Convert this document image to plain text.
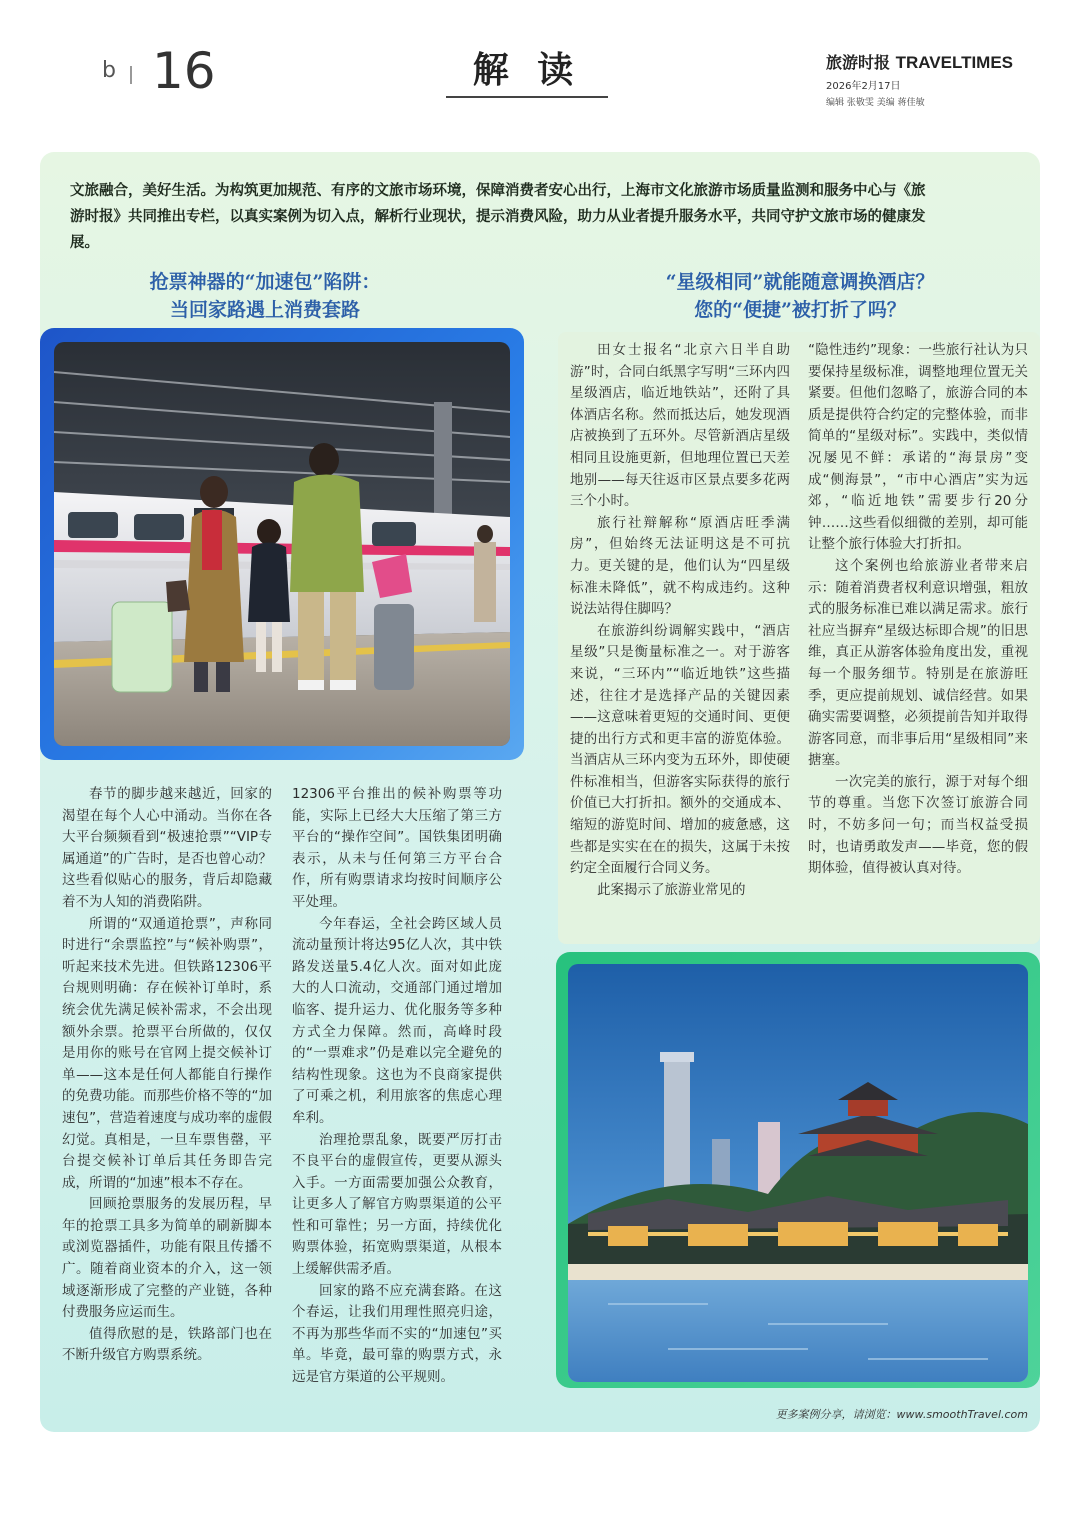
b 16	解 读	旅游时报 TRAVELTIMES
2026年2月17日
编辑 张敬雯 美编 蒋佳敏
文旅融合，美好生活。为构筑更加规范、有序的文旅市场环境，保障消费者安心出行，上海市文化旅游市场质量监测和服务中心与《旅游时报》共同推出专栏，以真实案例为切入点，解析行业现状，提示消费风险，助力从业者提升服务水平，共同守护文旅市场的健康发展。
抢票神器的“加速包”陷阱：
当回家路遇上消费套路
“星级相同”就能随意调换酒店？
您的“便捷”被打折了吗？

春节的脚步越来越近，回家的渴望在每个人心中涌动。当你在各大平台频频看到“极速抢票”“VIP专属通道”的广告时，是否也曾心动？这些看似贴心的服务，背后却隐藏着不为人知的消费陷阱。

所谓的“双通道抢票”，声称同时进行“余票监控”与“候补购票”，听起来技术先进。但铁路12306平台规则明确：存在候补订单时，系统会优先满足候补需求，不会出现额外余票。抢票平台所做的，仅仅是用你的账号在官网上提交候补订单——这本是任何人都能自行操作的免费功能。而那些价格不等的“加速包”，营造着速度与成功率的虚假幻觉。真相是，一旦车票售罄，平台提交候补订单后其任务即告完成，所谓的“加速”根本不存在。

回顾抢票服务的发展历程，早年的抢票工具多为简单的刷新脚本或浏览器插件，功能有限且传播不广。随着商业资本的介入，这一领域逐渐形成了完整的产业链，各种付费服务应运而生。

值得欣慰的是，铁路部门也在不断升级官方购票系统。

12306平台推出的候补购票等功能，实际上已经大大压缩了第三方平台的“操作空间”。国铁集团明确表示，从未与任何第三方平台合作，所有购票请求均按时间顺序公平处理。

今年春运，全社会跨区域人员流动量预计将达95亿人次，其中铁路发送量5.4亿人次。面对如此庞大的人口流动，交通部门通过增加临客、提升运力、优化服务等多种方式全力保障。然而，高峰时段的“一票难求”仍是难以完全避免的结构性现象。这也为不良商家提供了可乘之机，利用旅客的焦虑心理牟利。

治理抢票乱象，既要严厉打击不良平台的虚假宣传，更要从源头入手。一方面需要加强公众教育，让更多人了解官方购票渠道的公平性和可靠性；另一方面，持续优化购票体验，拓宽购票渠道，从根本上缓解供需矛盾。

回家的路不应充满套路。在这个春运，让我们用理性照亮归途，不再为那些华而不实的“加速包”买单。毕竟，最可靠的购票方式，永远是官方渠道的公平规则。

田女士报名“北京六日半自助游”时，合同白纸黑字写明“三环内四星级酒店，临近地铁站”，还附了具体酒店名称。然而抵达后，她发现酒店被换到了五环外。尽管新酒店星级相同且设施更新，但地理位置已天差地别——每天往返市区景点要多花两三个小时。

旅行社辩解称“原酒店旺季满房”，但始终无法证明这是不可抗力。更关键的是，他们认为“四星级标准未降低”，就不构成违约。这种说法站得住脚吗？

在旅游纠纷调解实践中，“酒店星级”只是衡量标准之一。对于游客来说，“三环内”“临近地铁”这些描述，往往才是选择产品的关键因素——这意味着更短的交通时间、更便捷的出行方式和更丰富的游览体验。当酒店从三环内变为五环外，即使硬件标准相当，但游客实际获得的旅行价值已大打折扣。额外的交通成本、缩短的游览时间、增加的疲惫感，这些都是实实在在的损失，这属于未按约定全面履行合同义务。

此案揭示了旅游业常见的

“隐性违约”现象：一些旅行社认为只要保持星级标准，调整地理位置无关紧要。但他们忽略了，旅游合同的本质是提供符合约定的完整体验，而非简单的“星级对标”。实践中，类似情况屡见不鲜：承诺的“海景房”变成“侧海景”，“市中心酒店”实为远郊，“临近地铁”需要步行20分钟……这些看似细微的差别，却可能让整个旅行体验大打折扣。

这个案例也给旅游业者带来启示：随着消费者权利意识增强，粗放式的服务标准已难以满足需求。旅行社应当摒弃“星级达标即合规”的旧思维，真正从游客体验角度出发，重视每一个服务细节。特别是在旅游旺季，更应提前规划、诚信经营。如果确实需要调整，必须提前告知并取得游客同意，而非事后用“星级相同”来搪塞。

一次完美的旅行，源于对每个细节的尊重。当您下次签订旅游合同时，不妨多问一句；而当权益受损时，也请勇敢发声——毕竟，您的假期体验，值得被认真对待。

更多案例分享，请浏览：www.smoothTravel.com
